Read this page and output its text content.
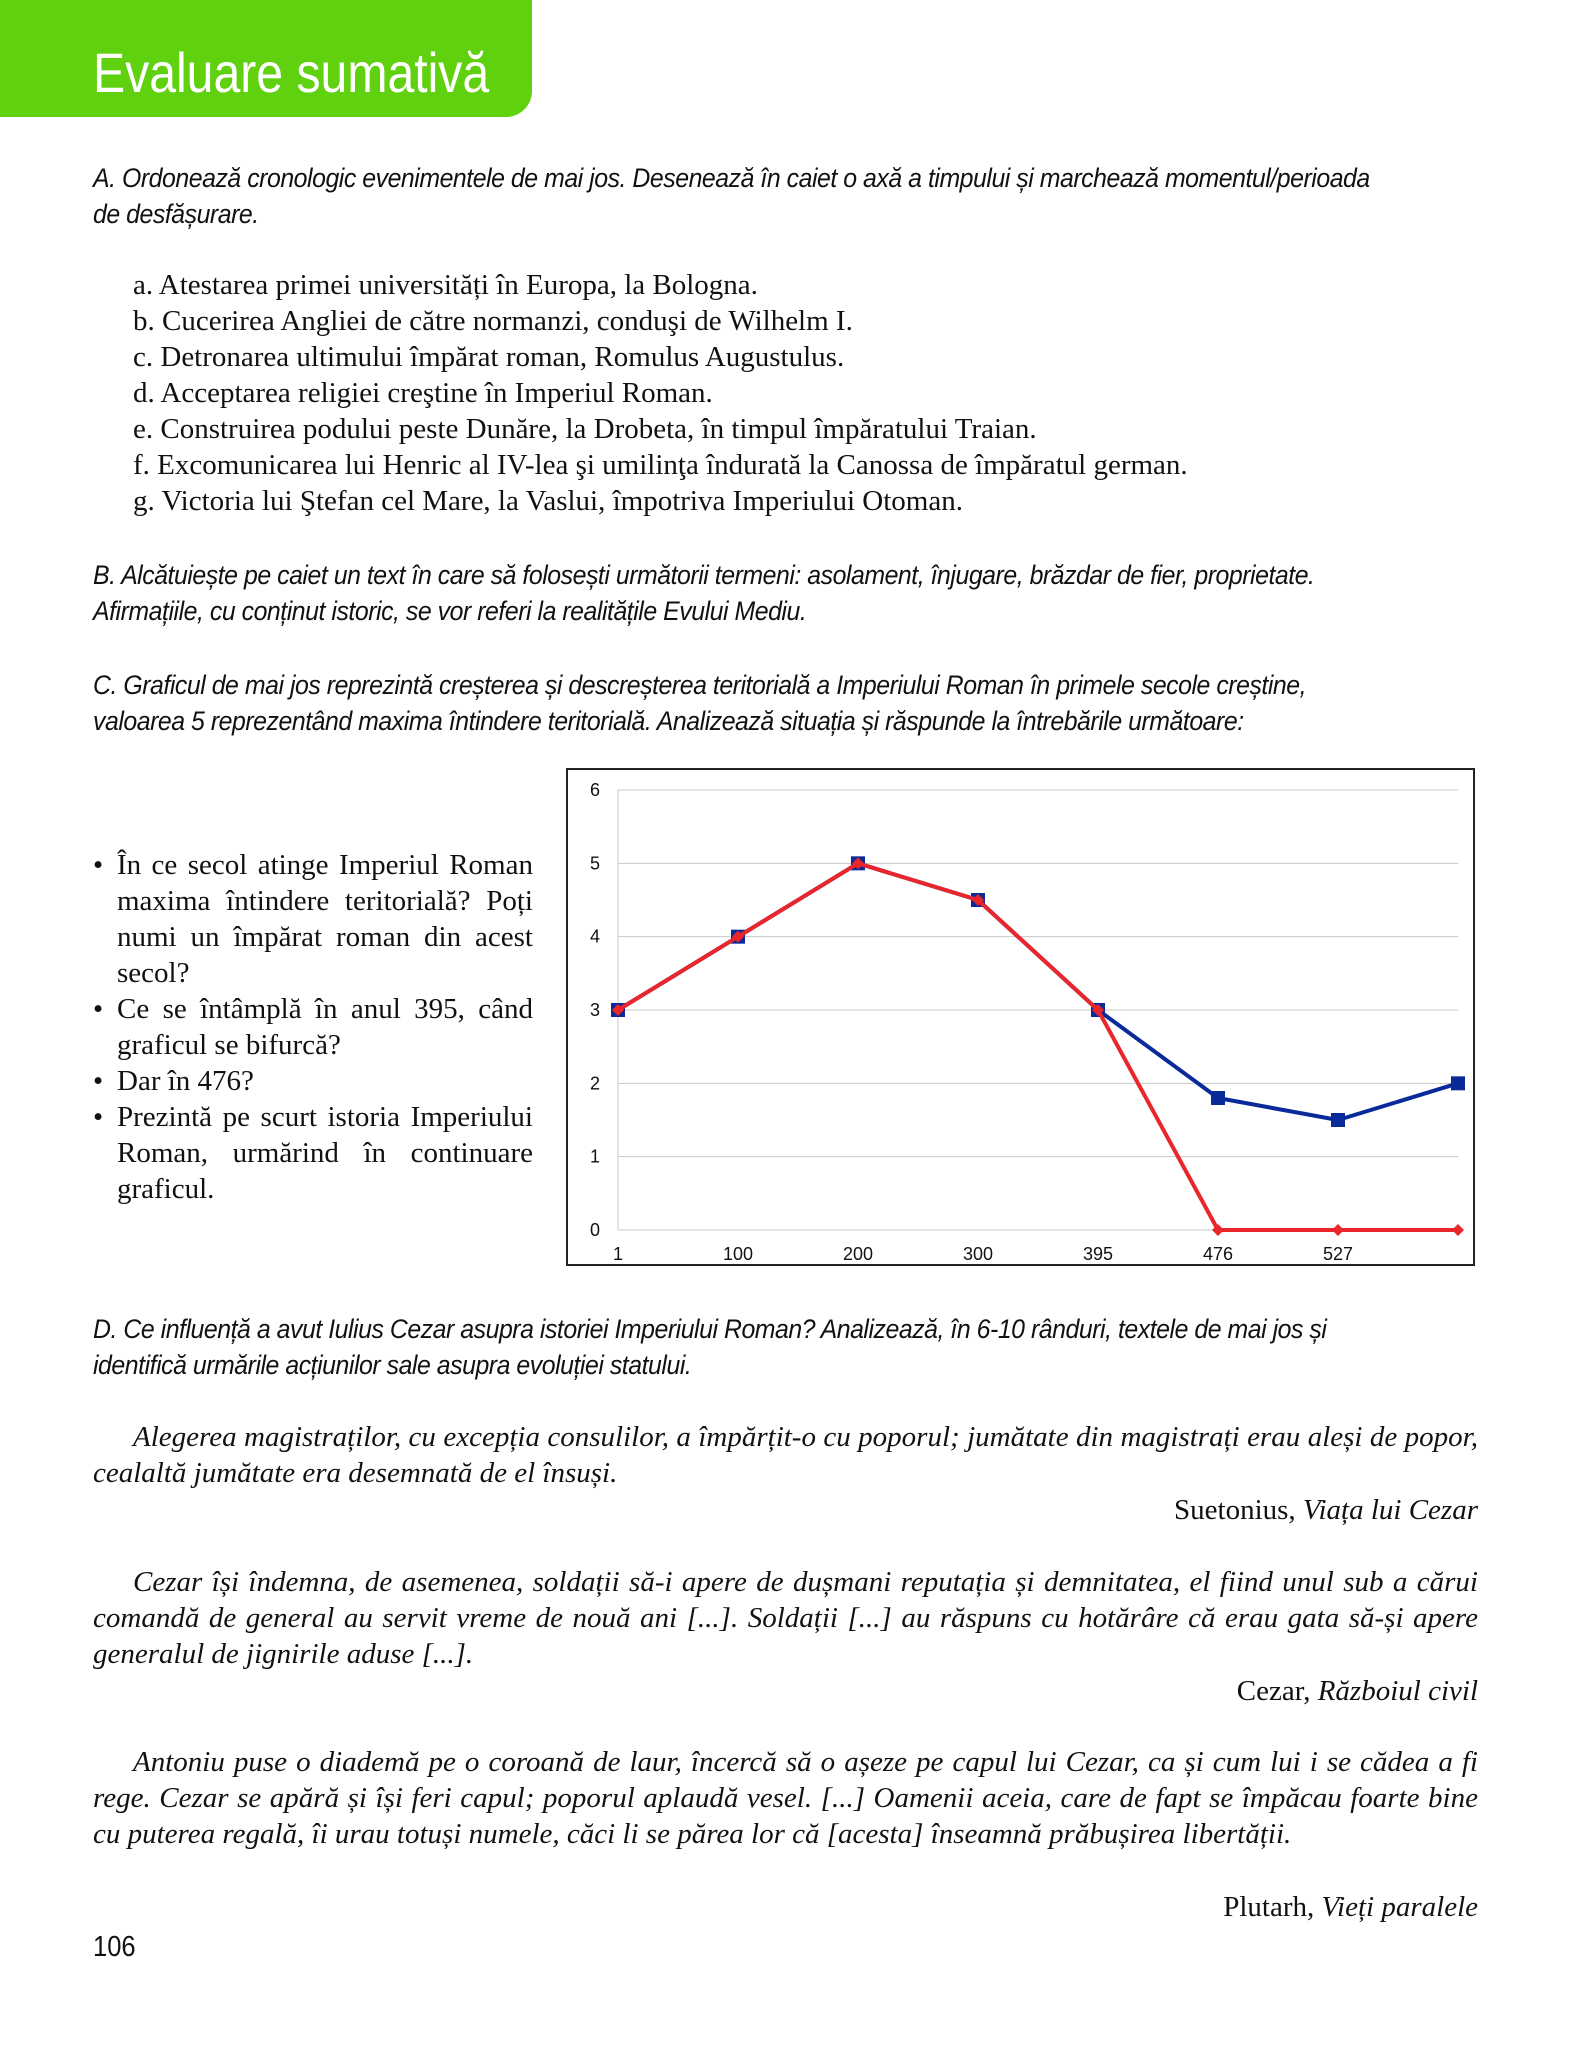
Evaluare sumativă

A. Ordonează cronologic evenimentele de mai jos. Desenează în caiet o axă a timpului și marchează momentul/perioada de desfășurare.

a. Atestarea primei universități în Europa, la Bologna.
b. Cucerirea Angliei de către normanzi, conduşi de Wilhelm I.
c. Detronarea ultimului împărat roman, Romulus Augustulus.
d. Acceptarea religiei creştine în Imperiul Roman.
e. Construirea podului peste Dunăre, la Drobeta, în timpul împăratului Traian.
f. Excomunicarea lui Henric al IV-lea şi umilinţa îndurată la Canossa de împăratul german.
g. Victoria lui Ştefan cel Mare, la Vaslui, împotriva Imperiului Otoman.

B. Alcătuiește pe caiet un text în care să folosești următorii termeni: asolament, înjugare, brăzdar de fier, proprietate. Afirmațiile, cu conținut istoric, se vor referi la realitățile Evului Mediu.

C. Graficul de mai jos reprezintă creșterea și descreșterea teritorială a Imperiului Roman în primele secole creștine, valoarea 5 reprezentând maxima întindere teritorială. Analizează situația și răspunde la întrebările următoare:

• În ce secol atinge Imperiul Roman maxima întindere teritorială? Poți numi un împărat roman din acest secol?
• Ce se întâmplă în anul 395, când graficul se bifurcă?
• Dar în 476?
• Prezintă pe scurt istoria Imperiului Roman, urmărind în continuare graficul.
0
1
2
3
4
5
6
1	100	200	300	395	476	527

D. Ce influență a avut Iulius Cezar asupra istoriei Imperiului Roman? Analizează, în 6-10 rânduri, textele de mai jos și identifică urmările acțiunilor sale asupra evoluției statului.

Alegerea magistraților, cu excepția consulilor, a împărțit-o cu poporul; jumătate din magistrați erau aleși de popor, cealaltă jumătate era desemnată de el însuși.

Suetonius, Viața lui Cezar

Cezar își îndemna, de asemenea, soldații să-i apere de dușmani reputația și demnitatea, el fiind unul sub a cărui comandă de general au servit vreme de nouă ani [...]. Soldații [...] au răspuns cu hotărâre că erau gata să-și apere generalul de jignirile aduse [...].

Cezar, Războiul civil

Antoniu puse o diademă pe o coroană de laur, încercă să o așeze pe capul lui Cezar, ca și cum lui i se cădea a fi rege. Cezar se apără și își feri capul; poporul aplaudă vesel. [...] Oamenii aceia, care de fapt se împăcau foarte bine cu puterea regală, îi urau totuși numele, căci li se părea lor că [acesta] înseamnă prăbușirea libertății.

Plutarh, Vieți paralele
106
